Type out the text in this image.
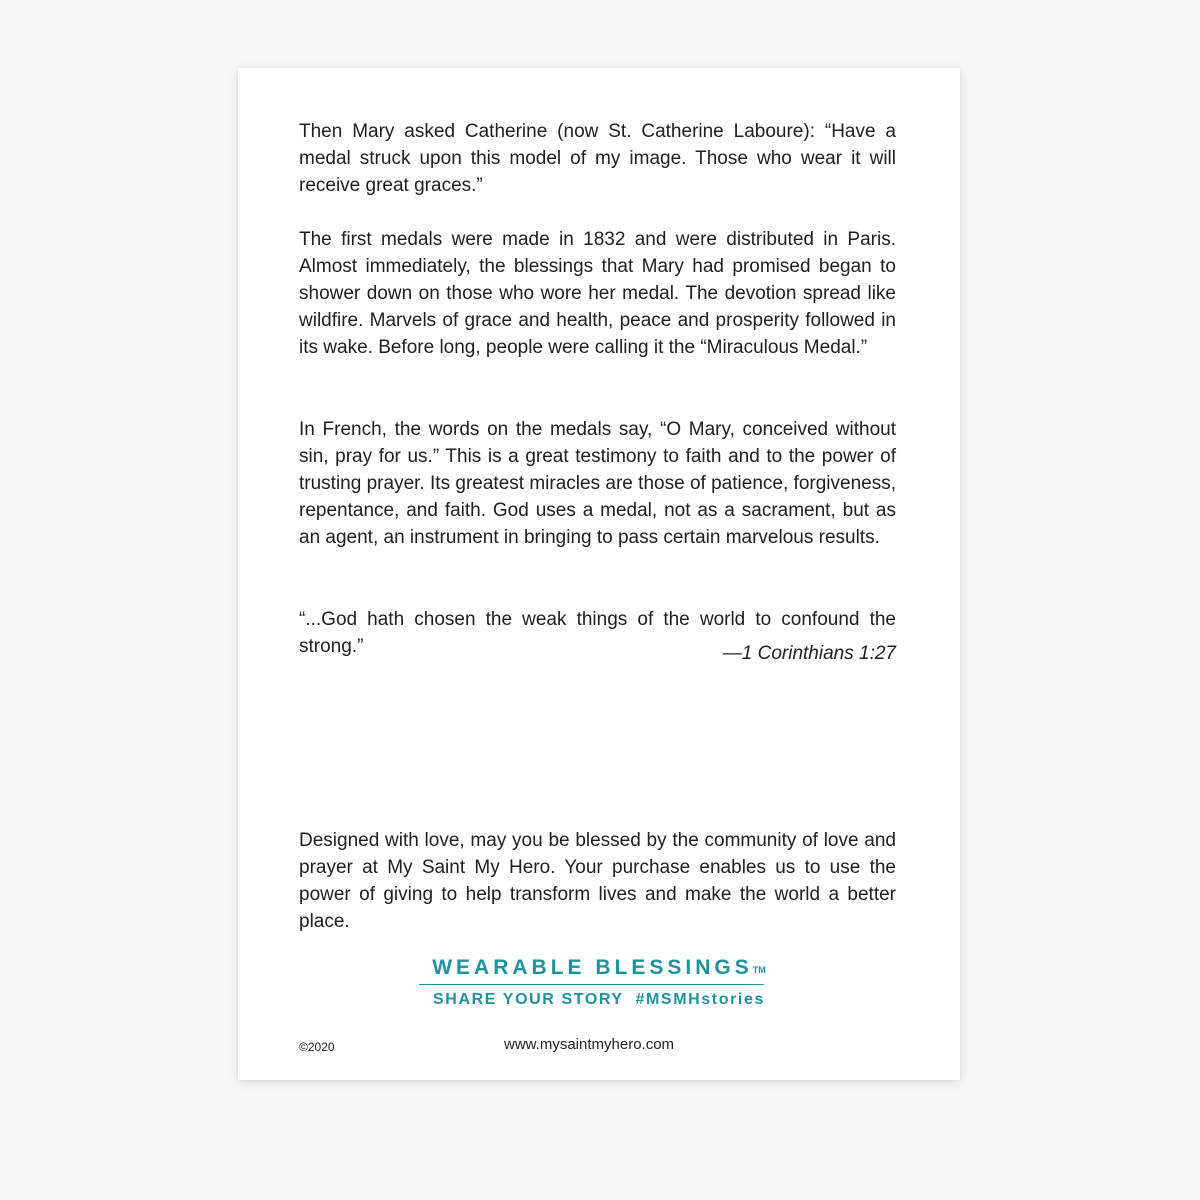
Then Mary asked Catherine (now St. Catherine Laboure): “Have a medal struck upon this model of my image. Those who wear it will receive great graces.”

The first medals were made in 1832 and were distributed in Paris. Almost immediately, the blessings that Mary had promised began to shower down on those who wore her medal. The devotion spread like wildfire. Marvels of grace and health, peace and prosperity followed in its wake. Before long, people were calling it the “Miraculous Medal.”

In French, the words on the medals say, “O Mary, conceived without sin, pray for us.” This is a great testimony to faith and to the power of trusting prayer. Its greatest miracles are those of patience, forgiveness, repentance, and faith. God uses a medal, not as a sacrament, but as an agent, an instrument in bringing to pass certain marvelous results.

“...God hath chosen the weak things of the world to confound the strong.”	—1 Corinthians 1:27

Designed with love, may you be blessed by the community of love and prayer at My Saint My Hero. Your purchase enables us to use the power of giving to help transform lives and make the world a better place.

WEARABLE BLESSINGS™
SHARE YOUR STORY  #MSMHstories
©2020	www.mysaintmyhero.com
